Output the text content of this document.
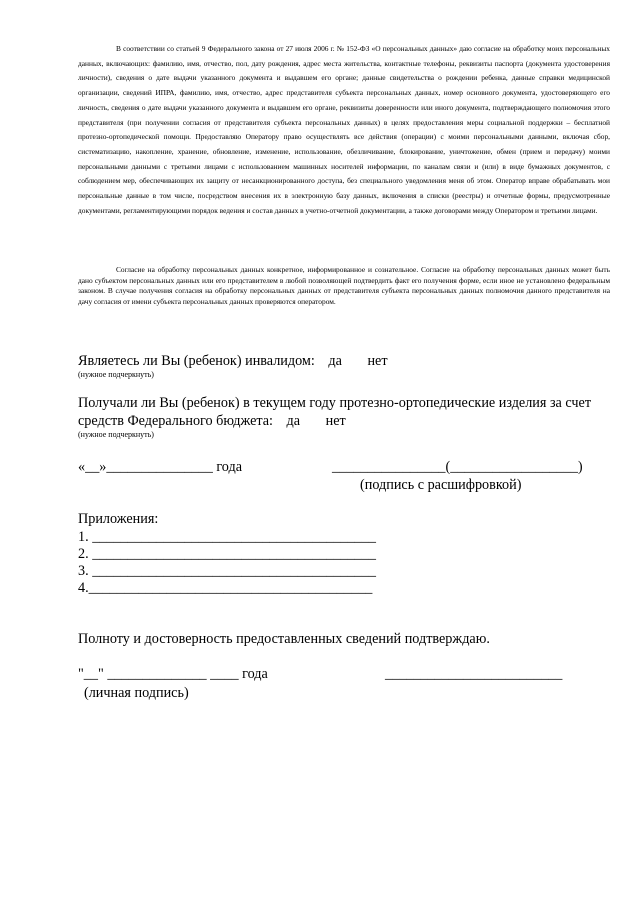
В соответствии со статьей 9 Федерального закона от 27 июля 2006 г. № 152-ФЗ «О персональных данных» даю согласие на обработку моих персональных данных, включающих: фамилию, имя, отчество, пол, дату рождения, адрес места жительства, контактные телефоны, реквизиты паспорта (документа удостоверения личности), сведения о дате выдачи указанного документа и выдавшем его органе; данные свидетельства о рождении ребенка, данные справки медицинской организации, сведений ИПРА, фамилию, имя, отчество, адрес представителя субъекта персональных данных, номер основного документа, удостоверяющего его личность, сведения о дате выдачи указанного документа и выдавшем его органе, реквизиты доверенности или иного документа, подтверждающего полномочия этого представителя (при получении согласия от представителя субъекта персональных данных) в целях предоставления меры социальной поддержки – бесплатной протезно-ортопедической помощи. Предоставляю Оператору право осуществлять все действия (операции) с моими персональными данными, включая сбор, систематизацию, накопление, хранение, обновление, изменение, использование, обезличивание, блокирование, уничтожение, обмен (прием и передачу) моими персональными данными с третьими лицами с использованием машинных носителей информации, по каналам связи и (или) в виде бумажных документов, с соблюдением мер, обеспечивающих их защиту от несанкционированного доступа, без специального уведомления меня об этом. Оператор вправе обрабатывать мои персональные данные в том числе, посредством внесения их в электронную базу данных, включения в списки (реестры) и отчетные формы, предусмотренные документами, регламентирующими порядок ведения и состав данных в учетно-отчетной документации, а также договорами между Оператором и третьими лицами.

Согласие на обработку персональных данных конкретное, информированное и сознательное. Согласие на обработку персональных данных может быть дано субъектом персональных данных или его представителем в любой позволяющей подтвердить факт его получения форме, если иное не установлено федеральным законом. В случае получения согласия на обработку персональных данных от представителя субъекта персональных данных полномочия данного представителя на дачу согласия от имени субъекта персональных данных проверяются оператором.

Являетесь ли Вы (ребенок) инвалидом: да нет

(нужное подчеркнуть)

Получали ли Вы (ребенок) в текущем году протезно-ортопедические изделия за счет средств Федерального бюджета: да нет

(нужное подчеркнуть)

«__»_______________ года	________________(__________________)

(подпись с расшифровкой)

Приложения:

1. ________________________________________

2. ________________________________________

3. ________________________________________

4.________________________________________

Полноту и достоверность предоставленных сведений подтверждаю.

"__" ______________ ____ года	_________________________

(личная подпись)
